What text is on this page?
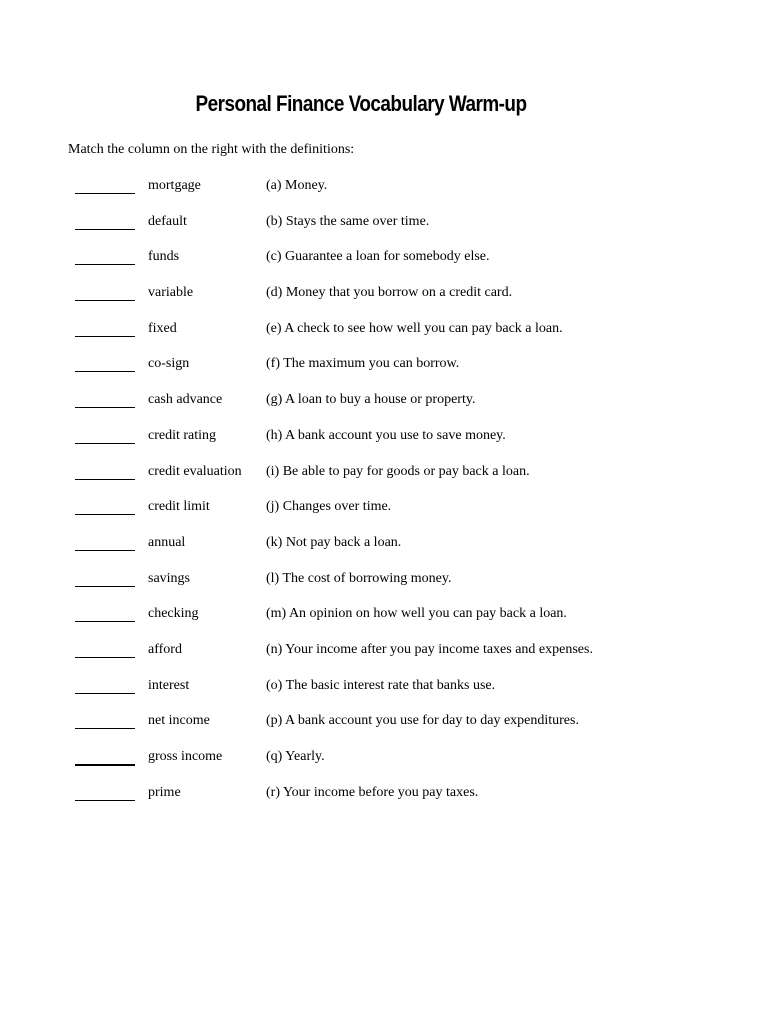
Personal Finance Vocabulary Warm-up
Match the column on the right with the definitions:
mortgage	(a) Money.
default	(b) Stays the same over time.
funds	(c) Guarantee a loan for somebody else.
variable	(d) Money that you borrow on a credit card.
fixed	(e) A check to see how well you can pay back a loan.
co-sign	(f) The maximum you can borrow.
cash advance	(g) A loan to buy a house or property.
credit rating	(h) A bank account you use to save money.
credit evaluation (i) Be able to pay for goods or pay back a loan.
credit limit	(j) Changes over time.
annual	(k) Not pay back a loan.
savings	(l) The cost of borrowing money.
checking	(m) An opinion on how well you can pay back a loan.
afford	(n) Your income after you pay income taxes and expenses.
interest	(o) The basic interest rate that banks use.
net income	(p) A bank account you use for day to day expenditures.
gross income	(q) Yearly.
prime	(r) Your income before you pay taxes.
